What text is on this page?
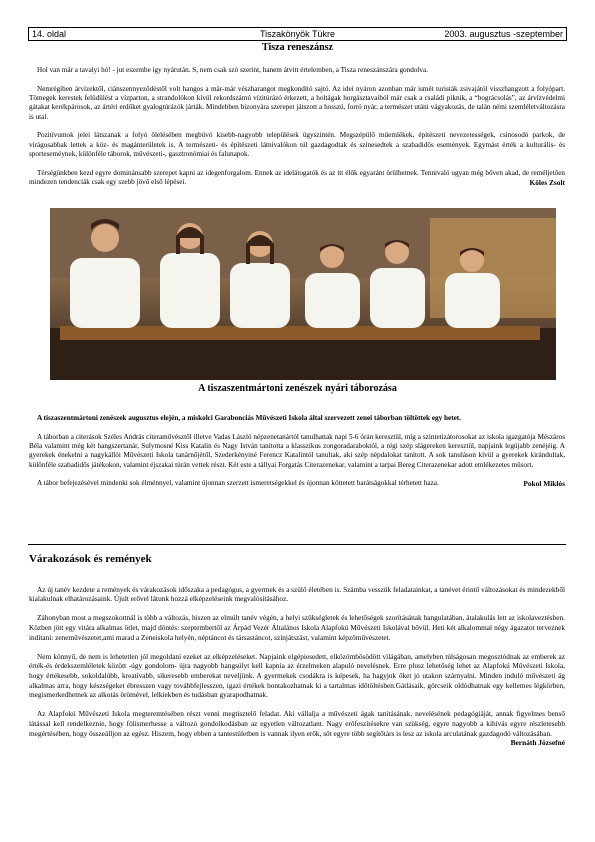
14. oldal	Tiszakönyök Tükre	2003. augusztus -szeptember
Tisza reneszánsz

Hol van már a tavalyi hó! - jut eszembe így nyárután. S, nem csak szó szerint, hanem átvitt értelemben, a Tisza reneszánszára gondolva.

Nemrégiben árvízektől, ciánszennyeződéstől volt hangos a már-már vészharangot megkondító sajtó. Az idei nyáron azonban már ismét turisták zsivajától visszhangzott a folyópart. Tömegek kerestek felüdülést a vízparton, a strandolókon kívül rekordszámú vízitúrázó érkezett, a holtágak horgásztavaiból már csak a családi piknik, a “bográcsolás”, az árvízvédelmi gátakat kerékpárosok, az ártéri erdőket gyalogtúrázók járták. Mindebben bizonyára szerepet játszott a hosszú, forró nyár, a természet utáni vágyakozás, de talán némi szemléletváltozásra is utal.

Pozitívumok jelei látszanak a folyó ölelésében megbúvó kisebb-nagyobb települések ügyszintén. Megszépülő műemlékek, építészeti nevezetességek, csinosodó parkok, de virágosabbak lettek a köz- és magánterületek is. A természeti- és építészeti látnivalókon túl gazdagodtak és színesedtek a szabadidős események. Egymást érték a kulturális- és sporteseméynek, különféle táborok, művészeti-, gasztronómiai és falunapok.

Térségünkben kezd egyre dominánsabb szerepet kapni az idegenforgalom. Ennek az idelátogatók és az itt élők egyaránt örülhetnek. Tennivaló ugyan még bőven akad, de reméljetően mindezen tendenciák csak egy szebb jövő első lépései.	Köles Zsolt

A tiszaszentmártoni zenészek nyári táborozása

A tiszaszentmártoni zenészek augusztus elején, a miskolci Garabonciás Művészeti Iskola által szervezett zenei táborban töltöttek egy hetet.

A táborban a citerások Széles András citeraművésztől illetve Vadas László népzenetanártól tanulhattak napi 5-6 órán keresztül, míg a szintetizátorosokat az iskola igazgatója Mészáros Béla valamint még két hangszertanár, Sulymosné Kiss Katalin és Nagy István tanította a klasszikus zongoradaraboktól, a régi szép slágereken keresztül, napjaink legújabb zenéjéig. A gyerekek énekelni a nagykállói Művészeti Iskola tanárnőjétől, Szederkényiné Ferencz Katalintól tanultak, aki szép népdalokat tanított. A sok tanuláson kívül a gyerekek kirándultak, különféle szabadidős játékokon, valamint éjszakai túrán vettek részt. Két este a tállyai Forgatás Citerazenekar, valamint a tarpai Bereg Citerazenekar adott emlékezetes műsort.

A tábor befejezésével mindenki sok élménnyel, valamint újonnan szerzett ismeretségekkel és újonnan köttetett barátságokkal térhetett haza.	Pokol Miklós

Várakozások és remények

Az új tanév kezdete a remények és várakozások időszaka a pedagógus, a gyermek és a szülő életében is. Számba vesszük feladatainkat, a tanévet érintő változásokat és mindezekből kialakulnak elhatározásaink. Újult erővel látunk hozzá elképzeléseink megvalósításához.

Záhonyban most a megszokottnál is több a változás, hiszen az elmúlt tanév végén, a helyi szükségletek és lehetőségek szorításának hangulatában, átalakulás lett az iskolaveztésben. Közben jött egy vitára alkalmas ötlet, majd döntés: szeptembertől az Árpád Vezér Általános Iskola Alapfokú Művészeti Iskolával bővül. Heti két alkalommal négy ágazatot terveznek indítani: zeneművészetet,ami marad a Zeneiskola helyén, néptáncot és társastáncot, színjátszást, valamint képzőművészetet.

Nem könnyű, de nem is lehetetlen jól megoldani ezeket az elképzeléseket. Napjaink elgépiesedett, elközömbösödött világában, amelyben túlságosan megosztódnak az emberek az érték-és érdekszemléletek között -úgy gondolom- újra nagyobb hangsúlyt kell kapnia az érzelmeken alapuló nevelésnek. Erre plusz lehetőség lehet az Alapfokú Művészeti Iskola, hogy értékesebb, sokoldalúbb, kreatívabb, sikeresebb emberekat neveljünk. A gyermekek csodákra is képesek, ha hagyjuk őket jó utakon szárnyalni. Minden induló művészeti ág alkalmas arra, hogy készségeket ébresszen vagy továbbfejlesszen, igazi értékek bontakozhatnak ki a tartalmas időtöltésben.Gátlásaik, görcseik oldódhatnak egy kellemes légkörben, megismerkedhetnek az alkotás örömével, lelkiekben és tudásban gyarapodhatnak.

Az Alapfokú Művészeti Iskola megteremtésében részt venni megtisztelő feladat. Aki vállalja a művészeti ágak tanításának, nevelésének pedagógiáját, annak figyelmes benső látással kell rendelkeznie, hogy fölismerhesse a változó gondolkodásban az egyetlen változatlant. Nagy erőfeszítésekre van szükség, egyre nagyobb a kihívás egyre részletesebb megértésében, hogy összeálljon az egész. Hiszem, hogy ebben a tantestületben is vannak ilyen erők, sőt egyre több segítőtárs is lesz az iskola arculatának gazdagodó változásában.
Bernáth Józsefné
